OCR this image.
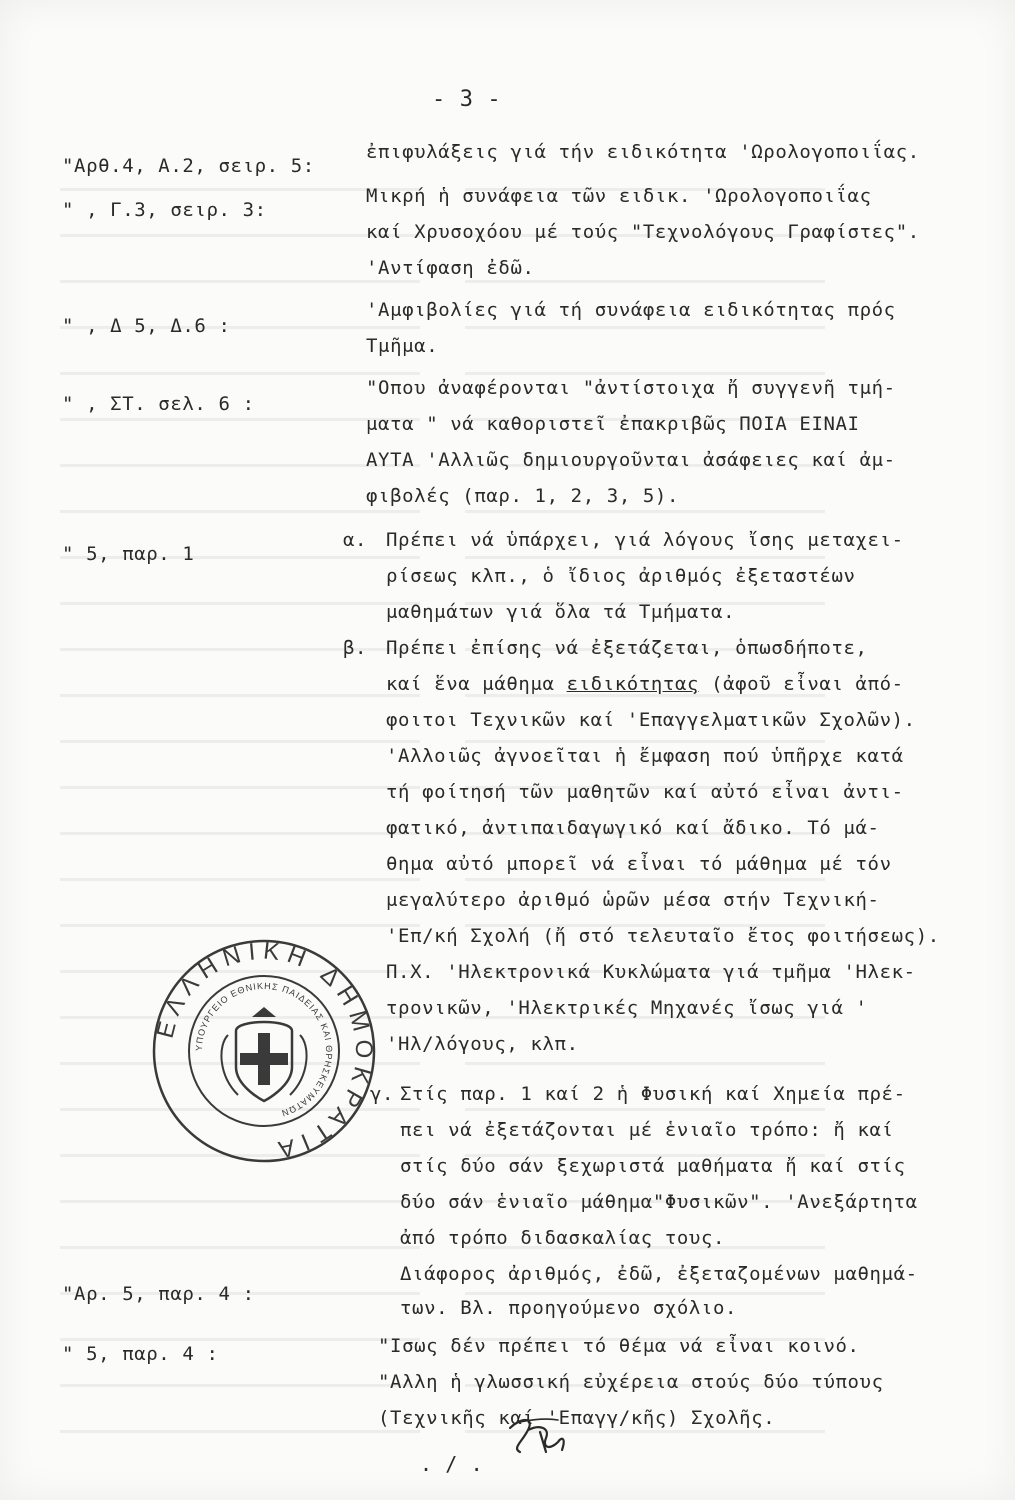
- 3 -
"Αρθ.4, Α.2, σειρ. 5:
ἐπιφυλάξεις γιά τήν ειδικότητα 'Ωρολογοποιΐας.
" , Γ.3, σειρ. 3:
Μικρή ἡ συνάφεια τῶν ειδικ. 'Ωρολογοποιΐας
καί Χρυσοχόου μέ τούς "Τεχνολόγους Γραφίστες".
'Αντίφαση ἐδῶ.
" , Δ 5, Δ.6 :
'Αμφιβολίες γιά τή συνάφεια ειδικότητας πρός
Τμῆμα.
" , ΣΤ. σελ. 6 :
"Οπου ἀναφέρονται "ἀντίστοιχα ἤ συγγενῆ τμή-
ματα " νά καθοριστεῖ ἐπακριβῶς ΠΟΙΑ ΕΙΝΑΙ
ΑΥΤΑ 'Αλλιῶς δημιουργοῦνται ἀσάφειες καί ἀμ-
φιβολές (παρ. 1, 2, 3, 5).
" 5, παρ. 1
α. Πρέπει νά ὑπάρχει, γιά λόγους ἴσης μεταχει-
ρίσεως κλπ., ὁ ἴδιος ἀριθμός ἐξεταστέων
μαθημάτων γιά ὅλα τά Τμήματα.
β. Πρέπει ἐπίσης νά ἐξετάζεται, ὁπωσδήποτε,
καί ἕνα μάθημα ειδικότητας (ἀφοῦ εἶναι ἀπό-
φοιτοι Τεχνικῶν καί 'Επαγγελματικῶν Σχολῶν).
'Αλλοιῶς ἀγνοεῖται ἡ ἔμφαση πού ὑπῆρχε κατά
τή φοίτησή τῶν μαθητῶν καί αὐτό εἶναι ἀντι-
φατικό, ἀντιπαιδαγωγικό καί ἄδικο. Τό μά-
θημα αὐτό μπορεῖ νά εἶναι τό μάθημα μέ τόν
μεγαλύτερο ἀριθμό ὡρῶν μέσα στήν Τεχνική-
'Επ/κή Σχολή (ἤ στό τελευταῖο ἔτος φοιτήσεως).
Π.Χ. 'Ηλεκτρονικά Κυκλώματα γιά τμῆμα 'Ηλεκ-
τρονικῶν, 'Ηλεκτρικές Μηχανές ἴσως γιά '
'Ηλ/λόγους, κλπ.
γ. Στίς παρ. 1 καί 2 ἡ Φυσική καί Χημεία πρέ-
πει νά ἐξετάζονται μέ ἑνιαῖο τρόπο: ἤ καί
στίς δύο σάν ξεχωριστά μαθήματα ἤ καί στίς
δύο σάν ἑνιαῖο μάθημα"Φυσικῶν". 'Ανεξάρτητα
ἀπό τρόπο διδασκαλίας τους.
"Αρ. 5, παρ. 4 :
Διάφορος ἀριθμός, ἐδῶ, ἐξεταζομένων μαθημά-
των. Βλ. προηγούμενο σχόλιο.
" 5, παρ. 4 :	"Ισως δέν πρέπει τό θέμα νά εἶναι κοινό.
"Αλλη ἡ γλωσσική εὐχέρεια στούς δύο τύπους
(Τεχνικῆς καί 'Επαγγ/κῆς) Σχολῆς.
. / .
ΕΛΛΗΝΙΚΗ ΔΗΜΟΚΡΑΤΙΑ
ΥΠΟΥΡΓΕΙΟ ΕΘΝΙΚΗΣ ΠΑΙΔΕΙΑΣ ΚΑΙ ΘΡΗΣΚΕΥΜΑΤΩΝ
